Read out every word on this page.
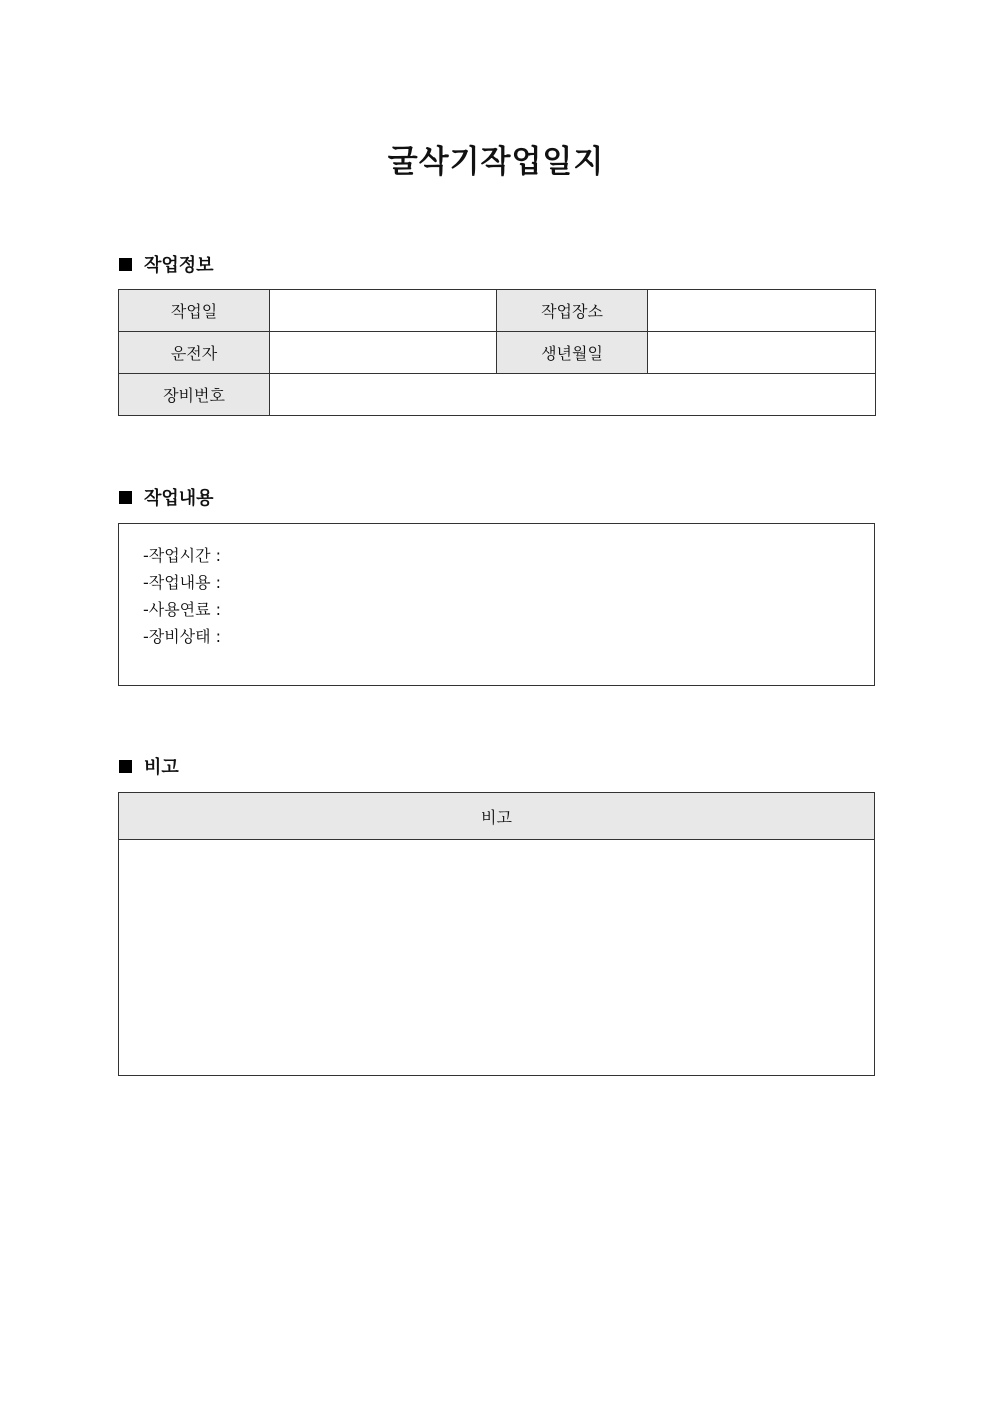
굴삭기작업일지
작업정보
작업일		작업장소	
운전자		생년월일	
장비번호			
작업내용
-작업시간 :
-작업내용 :
-사용연료 :
-장비상태 :
비고
비고
